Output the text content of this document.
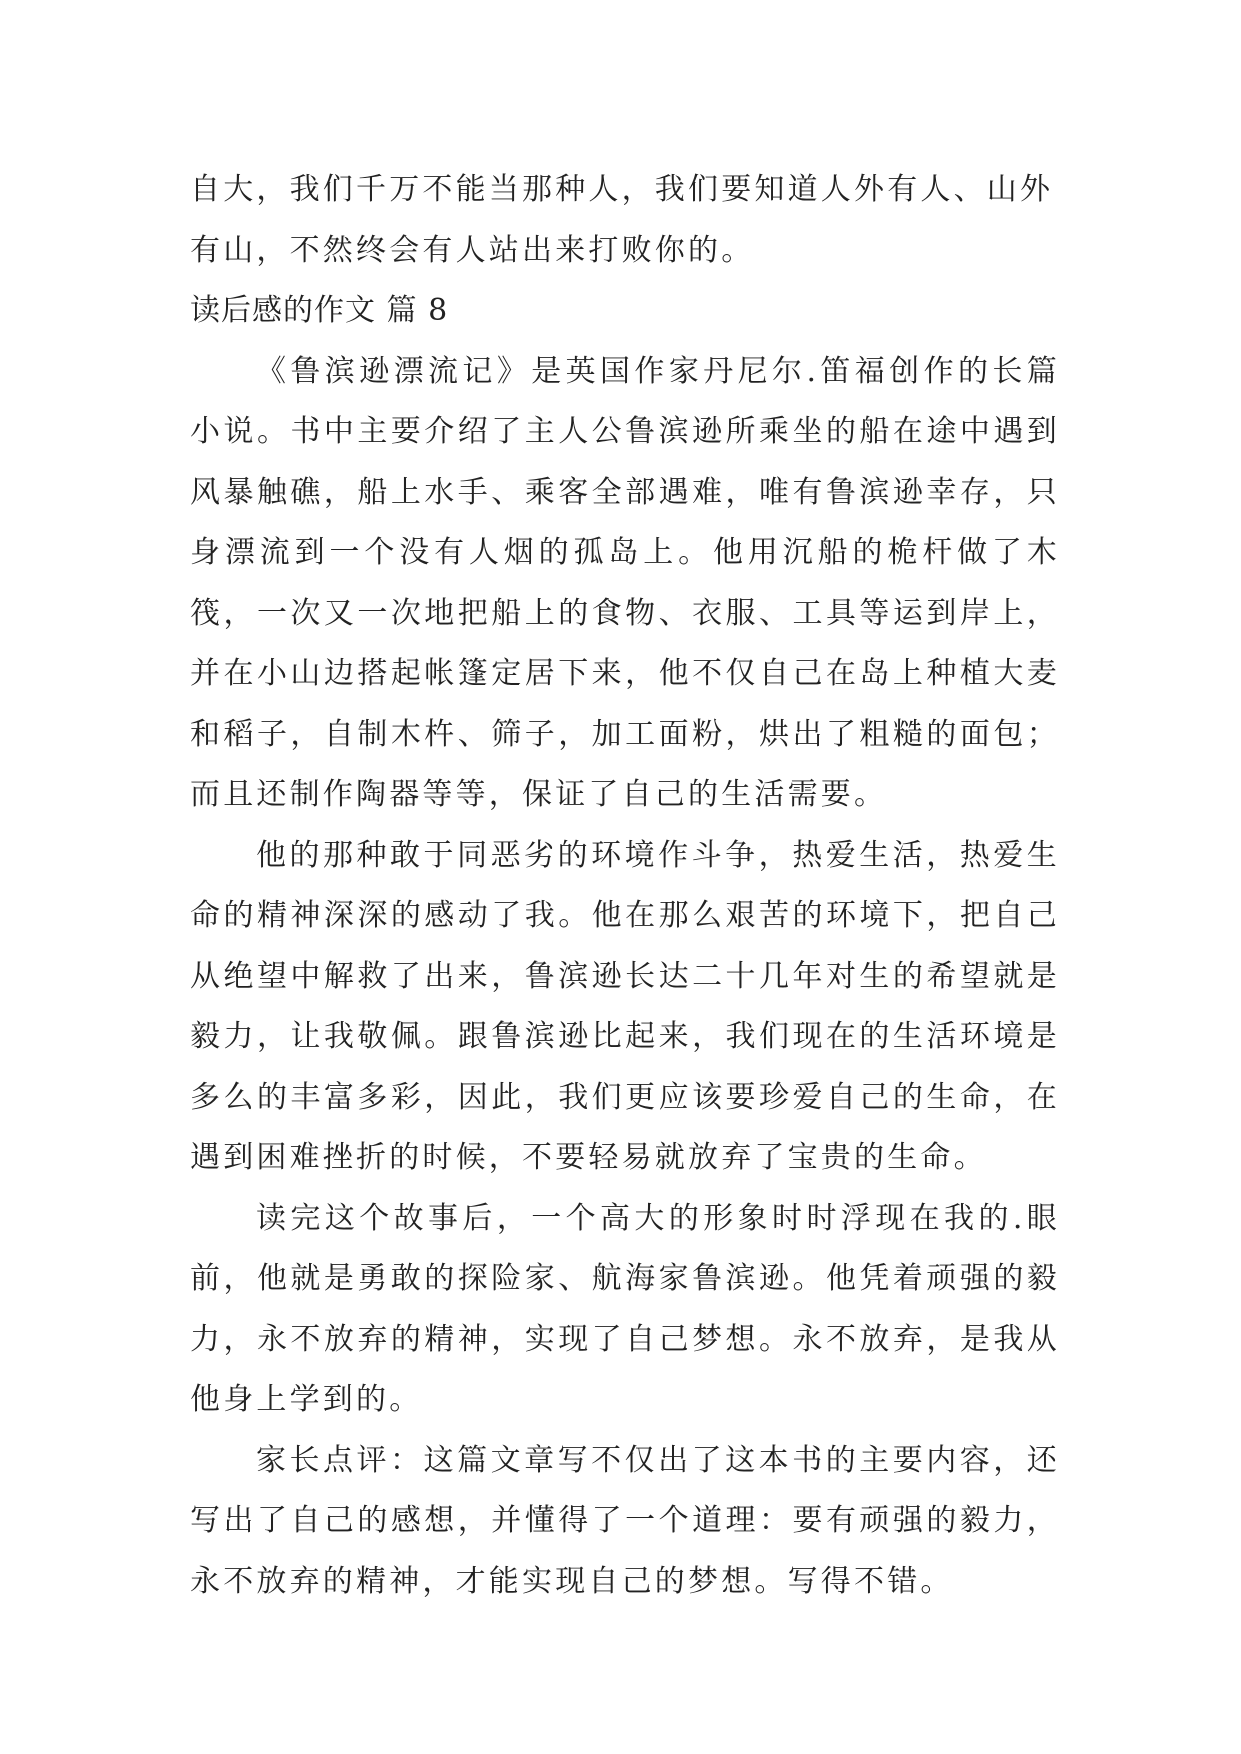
自大，我们千万不能当那种人，我们要知道人外有人、山外

有山，不然终会有人站出来打败你的。

读后感的作文 篇 8

《鲁滨逊漂流记》是英国作家丹尼尔.笛福创作的长篇小说。书中主要介绍了主人公鲁滨逊所乘坐的船在途中遇到风暴触礁，船上水手、乘客全部遇难，唯有鲁滨逊幸存，只身漂流到一个没有人烟的孤岛上。他用沉船的桅杆做了木筏，一次又一次地把船上的食物、衣服、工具等运到岸上，并在小山边搭起帐篷定居下来，他不仅自己在岛上种植大麦和稻子，自制木杵、筛子，加工面粉，烘出了粗糙的面包；而且还制作陶器等等，保证了自己的生活需要。

他的那种敢于同恶劣的环境作斗争，热爱生活，热爱生命的精神深深的感动了我。他在那么艰苦的环境下，把自己从绝望中解救了出来，鲁滨逊长达二十几年对生的希望就是毅力，让我敬佩。跟鲁滨逊比起来，我们现在的生活环境是多么的丰富多彩，因此，我们更应该要珍爱自己的生命，在遇到困难挫折的时候，不要轻易就放弃了宝贵的生命。

读完这个故事后，一个高大的形象时时浮现在我的.眼前，他就是勇敢的探险家、航海家鲁滨逊。他凭着顽强的毅力，永不放弃的精神，实现了自己梦想。永不放弃，是我从他身上学到的。

家长点评：这篇文章写不仅出了这本书的主要内容，还写出了自己的感想，并懂得了一个道理：要有顽强的毅力，永不放弃的精神，才能实现自己的梦想。写得不错。
